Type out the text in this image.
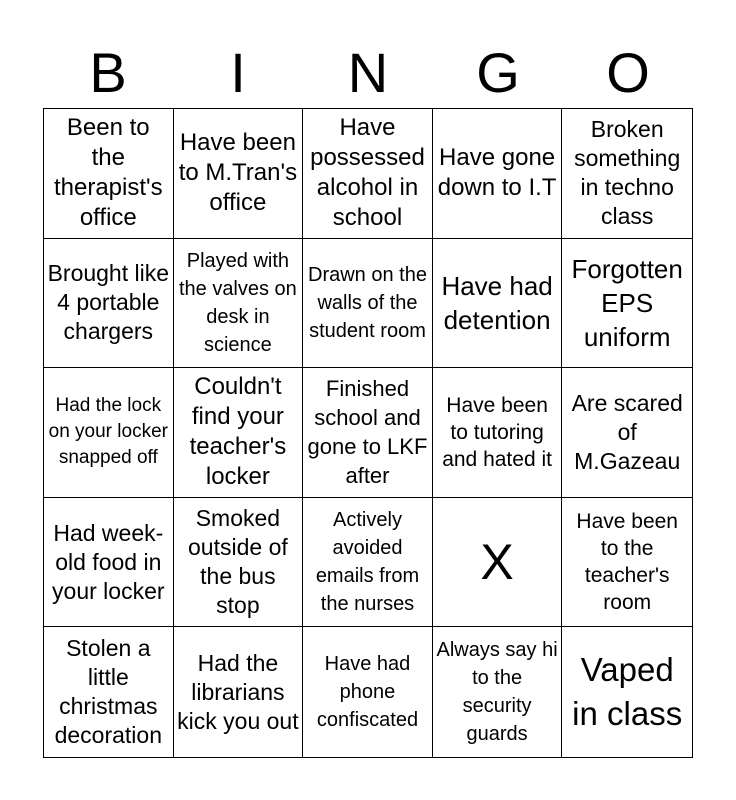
B	I	N	G	O
Been to the therapist's office
Have been to M.Tran's office
Have possessed alcohol in school
Have gone down to I.T
Broken something in techno class
Brought like 4 portable chargers
Played with the valves on desk in science
Drawn on the walls of the student room
Have had detention
Forgotten EPS uniform
Had the lock on your locker snapped off
Couldn't find your teacher's locker
Finished school and gone to LKF after
Have been to tutoring and hated it
Are scared of M.Gazeau
Had week-old food in your locker
Smoked outside of the bus stop
Actively avoided emails from the nurses
X
Have been to the teacher's room
Stolen a little christmas decoration
Had the librarians kick you out
Have had phone confiscated
Always say hi to the security guards
Vaped in class
